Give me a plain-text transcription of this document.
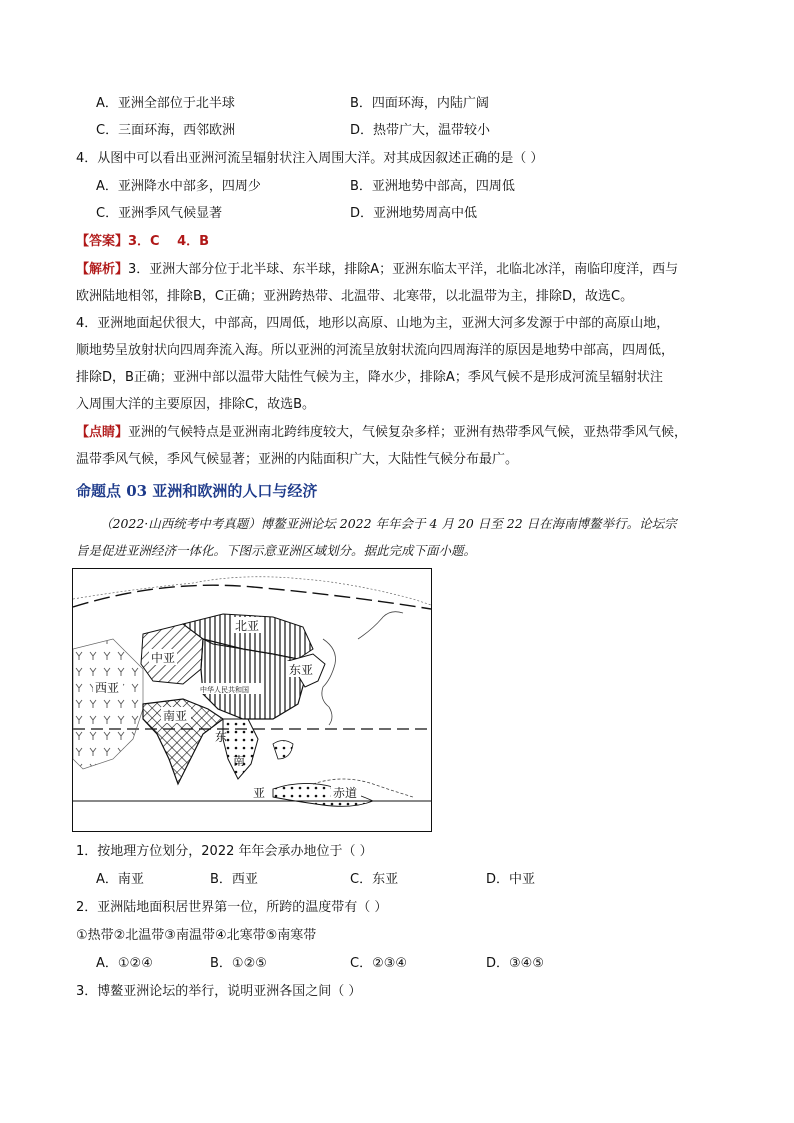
A．亚洲全部位于北半球	B．四面环海，内陆广阔
C．三面环海，西邻欧洲	D．热带广大，温带较小
4．从图中可以看出亚洲河流呈辐射状注入周围大洋。对其成因叙述正确的是（ ）
A．亚洲降水中部多，四周少	B．亚洲地势中部高，四周低
C．亚洲季风气候显著	D．亚洲地势周高中低
【答案】3．C　 4．B
【解析】3．亚洲大部分位于北半球、东半球，排除A；亚洲东临太平洋，北临北冰洋，南临印度洋，西与
欧洲陆地相邻，排除B，C正确；亚洲跨热带、北温带、北寒带，以北温带为主，排除D，故选C。
4．亚洲地面起伏很大，中部高，四周低，地形以高原、山地为主，亚洲大河多发源于中部的高原山地，
顺地势呈放射状向四周奔流入海。所以亚洲的河流呈放射状流向四周海洋的原因是地势中部高，四周低，
排除D，B正确；亚洲中部以温带大陆性气候为主，降水少，排除A；季风气候不是形成河流呈辐射状注
入周围大洋的主要原因，排除C，故选B。
【点睛】亚洲的气候特点是亚洲南北跨纬度较大，气候复杂多样；亚洲有热带季风气候，亚热带季风气候，
温带季风气候，季风气候显著；亚洲的内陆面积广大，大陆性气候分布最广。
命题点 03 亚洲和欧洲的人口与经济
（2022·山西统考中考真题）博鳌亚洲论坛 2022 年年会于 4 月 20 日至 22 日在海南博鳌举行。论坛宗
旨是促进亚洲经济一体化。下图示意亚洲区域划分。据此完成下面小题。
北亚
中亚
东亚
西亚	中华人民共和国
南亚
东
南
亚	赤道
1．按地理方位划分，2022 年年会承办地位于（ ）
A．南亚	B．西亚	C．东亚	D．中亚
2．亚洲陆地面积居世界第一位，所跨的温度带有（ ）
①热带②北温带③南温带④北寒带⑤南寒带
A．①②④	B．①②⑤	C．②③④	D．③④⑤
3．博鳌亚洲论坛的举行，说明亚洲各国之间（ ）
